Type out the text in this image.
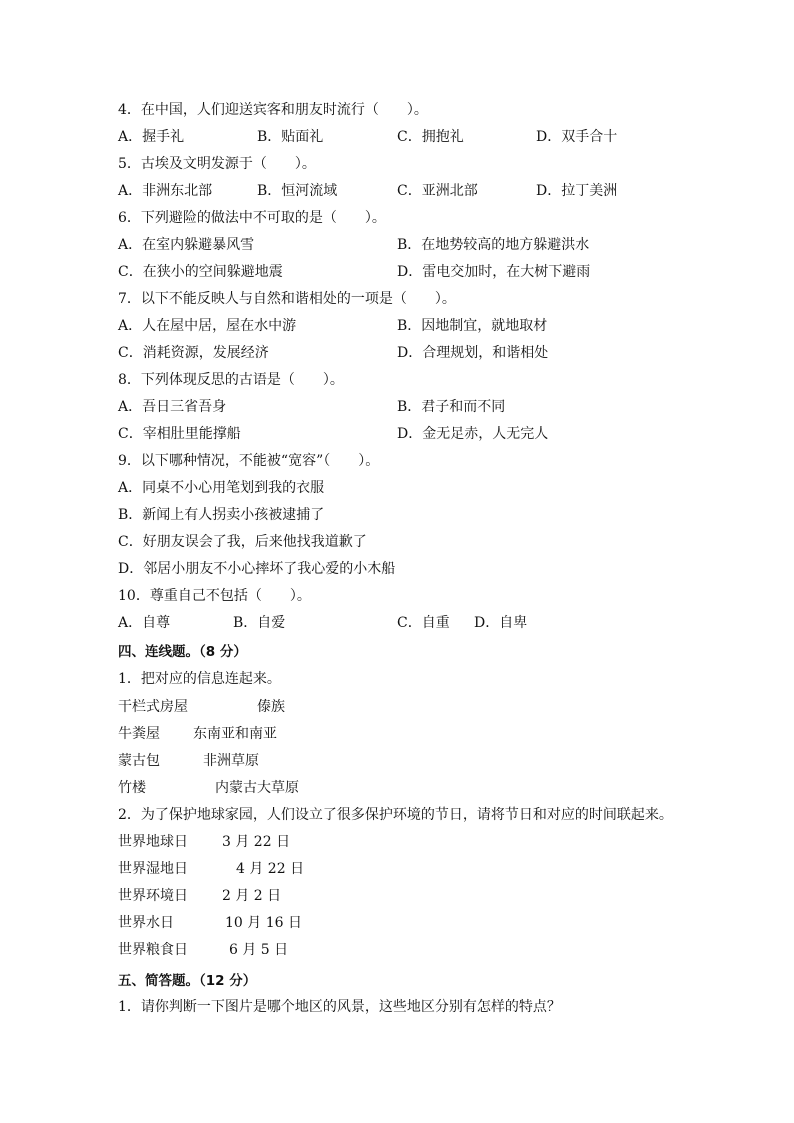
4．在中国，人们迎送宾客和朋友时流行（　　）。
A．握手礼	B．贴面礼	C．拥抱礼	D．双手合十
5．古埃及文明发源于（　　）。
A．非洲东北部	B．恒河流域	C．亚洲北部	D．拉丁美洲
6．下列避险的做法中不可取的是（　　）。
A．在室内躲避暴风雪	B．在地势较高的地方躲避洪水
C．在狭小的空间躲避地震	D．雷电交加时，在大树下避雨
7．以下不能反映人与自然和谐相处的一项是（　　）。
A．人在屋中居，屋在水中游	B．因地制宜，就地取材
C．消耗资源，发展经济	D．合理规划，和谐相处
8．下列体现反思的古语是（　　）。
A．吾日三省吾身	B．君子和而不同
C．宰相肚里能撑船	D．金无足赤，人无完人
9．以下哪种情况，不能被“宽容”（　　）。
A．同桌不小心用笔划到我的衣服
B．新闻上有人拐卖小孩被逮捕了
C．好朋友误会了我，后来他找我道歉了
D．邻居小朋友不小心摔坏了我心爱的小木船
10．尊重自己不包括（　　）。
A．自尊	B．自爱	C．自重 D．自卑
四、连线题。（8 分）
1．把对应的信息连起来。
干栏式房屋	傣族
牛粪屋 东南亚和南亚
蒙古包	非洲草原
竹楼	内蒙古大草原
2．为了保护地球家园，人们设立了很多保护环境的节日，请将节日和对应的时间联起来。
世界地球日 3 月 22 日
世界湿地日	4 月 22 日
世界环境日 2 月 2 日
世界水日	10 月 16 日
世界粮食日	6 月 5 日
五、简答题。（12 分）
1．请你判断一下图片是哪个地区的风景，这些地区分别有怎样的特点？
